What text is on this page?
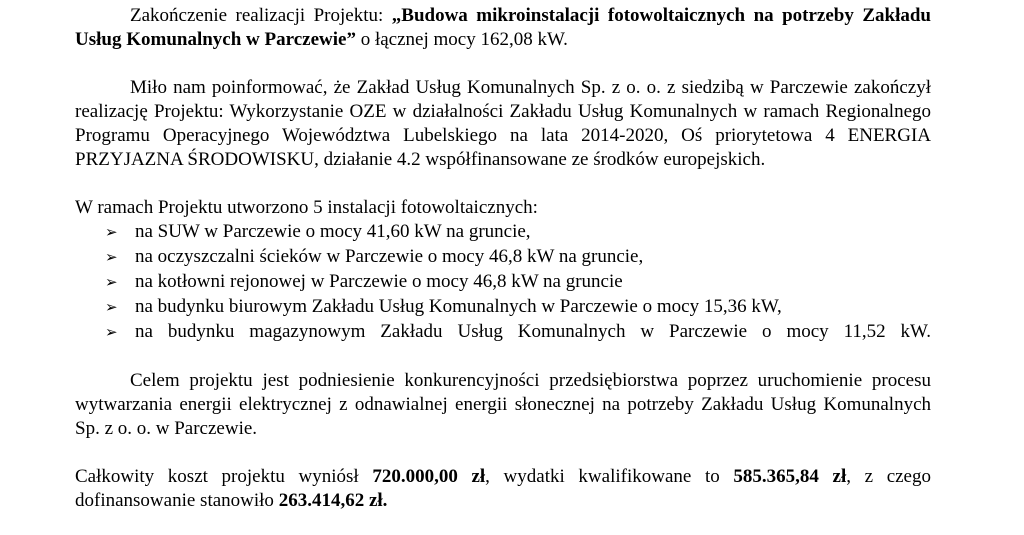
Zakończenie realizacji Projektu: „Budowa mikroinstalacji fotowoltaicznych na potrzeby Zakładu Usług Komunalnych w Parczewie” o łącznej mocy 162,08 kW.

Miło nam poinformować, że Zakład Usług Komunalnych Sp. z o. o. z siedzibą w Parczewie zakończył realizację Projektu: Wykorzystanie OZE w działalności Zakładu Usług Komunalnych w ramach Regionalnego Programu Operacyjnego Województwa Lubelskiego na lata 2014-2020, Oś priorytetowa 4 ENERGIA PRZYJAZNA ŚRODOWISKU, działanie 4.2 współfinansowane ze środków europejskich.

W ramach Projektu utworzono 5 instalacji fotowoltaicznych:

➢ na SUW w Parczewie o mocy 41,60 kW na gruncie,
➢ na oczyszczalni ścieków w Parczewie o mocy 46,8 kW na gruncie,
➢ na kotłowni rejonowej w Parczewie o mocy 46,8 kW na gruncie
➢ na budynku biurowym Zakładu Usług Komunalnych w Parczewie o mocy 15,36 kW,
➢ na budynku magazynowym Zakładu Usług Komunalnych w Parczewie o mocy 11,52 kW.

Celem projektu jest podniesienie konkurencyjności przedsiębiorstwa poprzez uruchomienie procesu wytwarzania energii elektrycznej z odnawialnej energii słonecznej na potrzeby Zakładu Usług Komunalnych Sp. z o. o. w Parczewie.

Całkowity koszt projektu wyniósł 720.000,00 zł, wydatki kwalifikowane to 585.365,84 zł, z czego dofinansowanie stanowiło 263.414,62 zł.
